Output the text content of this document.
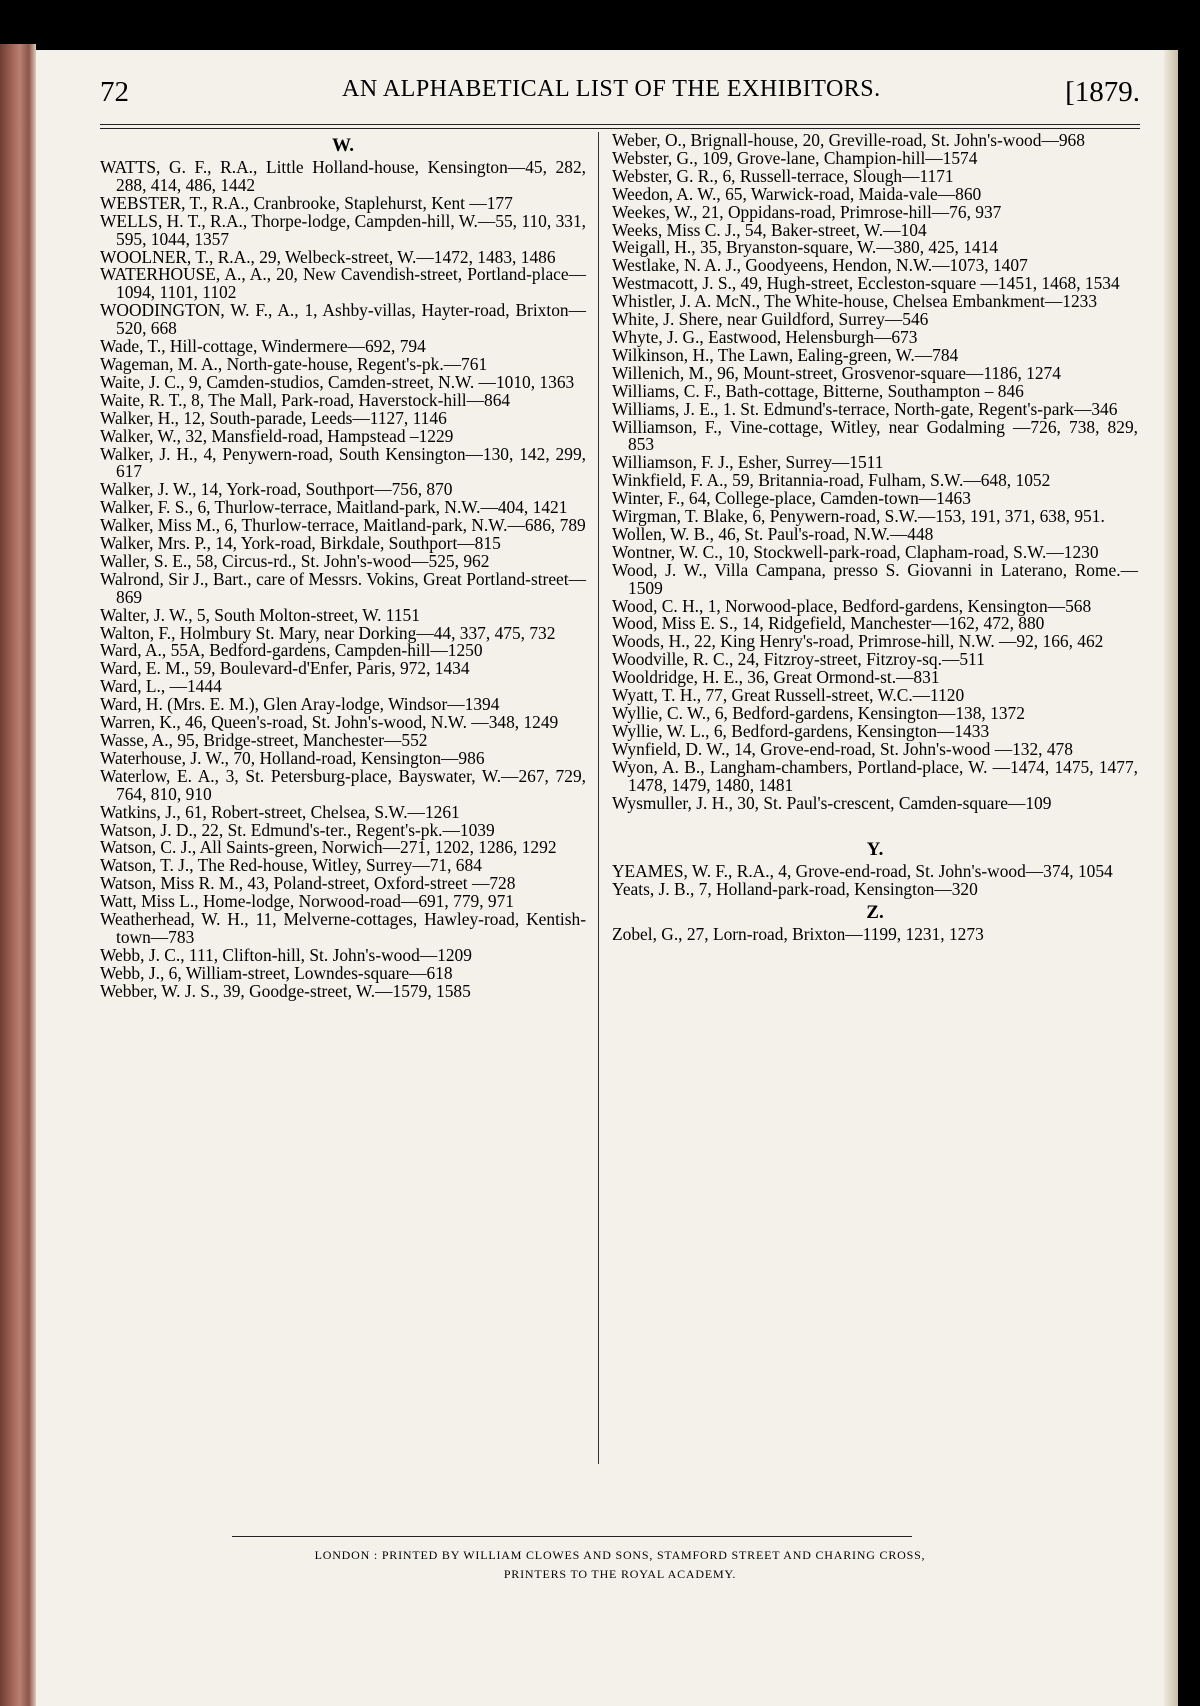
72	AN ALPHABETICAL LIST OF THE EXHIBITORS.	[1879.
W.
WATTS, G. F., R.A., Little Holland-house, Kensington—45, 282, 288, 414, 486, 1442
WEBSTER, T., R.A., Cranbrooke, Staplehurst, Kent —177
WELLS, H. T., R.A., Thorpe-lodge, Campden-hill, W.—55, 110, 331, 595, 1044, 1357
WOOLNER, T., R.A., 29, Welbeck-street, W.—1472, 1483, 1486
WATERHOUSE, A., A., 20, New Cavendish-street, Portland-place—1094, 1101, 1102
WOODINGTON, W. F., A., 1, Ashby-villas, Hayter-road, Brixton—520, 668
Wade, T., Hill-cottage, Windermere—692, 794
Wageman, M. A., North-gate-house, Regent's-pk.—761
Waite, J. C., 9, Camden-studios, Camden-street, N.W. —1010, 1363
Waite, R. T., 8, The Mall, Park-road, Haverstock-hill—864
Walker, H., 12, South-parade, Leeds—1127, 1146
Walker, W., 32, Mansfield-road, Hampstead –1229
Walker, J. H., 4, Penywern-road, South Kensington—130, 142, 299, 617
Walker, J. W., 14, York-road, Southport—756, 870
Walker, F. S., 6, Thurlow-terrace, Maitland-park, N.W.—404, 1421
Walker, Miss M., 6, Thurlow-terrace, Maitland-park, N.W.—686, 789
Walker, Mrs. P., 14, York-road, Birkdale, Southport—815
Waller, S. E., 58, Circus-rd., St. John's-wood—525, 962
Walrond, Sir J., Bart., care of Messrs. Vokins, Great Portland-street—869
Walter, J. W., 5, South Molton-street, W. 1151
Walton, F., Holmbury St. Mary, near Dorking—44, 337, 475, 732
Ward, A., 55A, Bedford-gardens, Campden-hill—1250
Ward, E. M., 59, Boulevard-d'Enfer, Paris, 972, 1434
Ward, L., —1444
Ward, H. (Mrs. E. M.), Glen Aray-lodge, Windsor—1394
Warren, K., 46, Queen's-road, St. John's-wood, N.W. —348, 1249
Wasse, A., 95, Bridge-street, Manchester—552
Waterhouse, J. W., 70, Holland-road, Kensington—986
Waterlow, E. A., 3, St. Petersburg-place, Bayswater, W.—267, 729, 764, 810, 910
Watkins, J., 61, Robert-street, Chelsea, S.W.—1261
Watson, J. D., 22, St. Edmund's-ter., Regent's-pk.—1039
Watson, C. J., All Saints-green, Norwich—271, 1202, 1286, 1292
Watson, T. J., The Red-house, Witley, Surrey—71, 684
Watson, Miss R. M., 43, Poland-street, Oxford-street —728
Watt, Miss L., Home-lodge, Norwood-road—691, 779, 971
Weatherhead, W. H., 11, Melverne-cottages, Hawley-road, Kentish-town—783
Webb, J. C., 111, Clifton-hill, St. John's-wood—1209
Webb, J., 6, William-street, Lowndes-square—618
Webber, W. J. S., 39, Goodge-street, W.—1579, 1585
Weber, O., Brignall-house, 20, Greville-road, St. John's-wood—968
Webster, G., 109, Grove-lane, Champion-hill—1574
Webster, G. R., 6, Russell-terrace, Slough—1171
Weedon, A. W., 65, Warwick-road, Maida-vale—860
Weekes, W., 21, Oppidans-road, Primrose-hill—76, 937
Weeks, Miss C. J., 54, Baker-street, W.—104
Weigall, H., 35, Bryanston-square, W.—380, 425, 1414
Westlake, N. A. J., Goodyeens, Hendon, N.W.—1073, 1407
Westmacott, J. S., 49, Hugh-street, Eccleston-square —1451, 1468, 1534
Whistler, J. A. McN., The White-house, Chelsea Embankment—1233
White, J. Shere, near Guildford, Surrey—546
Whyte, J. G., Eastwood, Helensburgh—673
Wilkinson, H., The Lawn, Ealing-green, W.—784
Willenich, M., 96, Mount-street, Grosvenor-square—1186, 1274
Williams, C. F., Bath-cottage, Bitterne, Southampton – 846
Williams, J. E., 1. St. Edmund's-terrace, North-gate, Regent's-park—346
Williamson, F., Vine-cottage, Witley, near Godalming —726, 738, 829, 853
Williamson, F. J., Esher, Surrey—1511
Winkfield, F. A., 59, Britannia-road, Fulham, S.W.—648, 1052
Winter, F., 64, College-place, Camden-town—1463
Wirgman, T. Blake, 6, Penywern-road, S.W.—153, 191, 371, 638, 951.
Wollen, W. B., 46, St. Paul's-road, N.W.—448
Wontner, W. C., 10, Stockwell-park-road, Clapham-road, S.W.—1230
Wood, J. W., Villa Campana, presso S. Giovanni in Laterano, Rome.—1509
Wood, C. H., 1, Norwood-place, Bedford-gardens, Kensington—568
Wood, Miss E. S., 14, Ridgefield, Manchester—162, 472, 880
Woods, H., 22, King Henry's-road, Primrose-hill, N.W. —92, 166, 462
Woodville, R. C., 24, Fitzroy-street, Fitzroy-sq.—511
Wooldridge, H. E., 36, Great Ormond-st.—831
Wyatt, T. H., 77, Great Russell-street, W.C.—1120
Wyllie, C. W., 6, Bedford-gardens, Kensington—138, 1372
Wyllie, W. L., 6, Bedford-gardens, Kensington—1433
Wynfield, D. W., 14, Grove-end-road, St. John's-wood —132, 478
Wyon, A. B., Langham-chambers, Portland-place, W. —1474, 1475, 1477, 1478, 1479, 1480, 1481
Wysmuller, J. H., 30, St. Paul's-crescent, Camden-square—109
Y.
YEAMES, W. F., R.A., 4, Grove-end-road, St. John's-wood—374, 1054
Yeats, J. B., 7, Holland-park-road, Kensington—320
Z.
Zobel, G., 27, Lorn-road, Brixton—1199, 1231, 1273
LONDON : PRINTED BY WILLIAM CLOWES AND SONS, STAMFORD STREET AND CHARING CROSS,
PRINTERS TO THE ROYAL ACADEMY.
